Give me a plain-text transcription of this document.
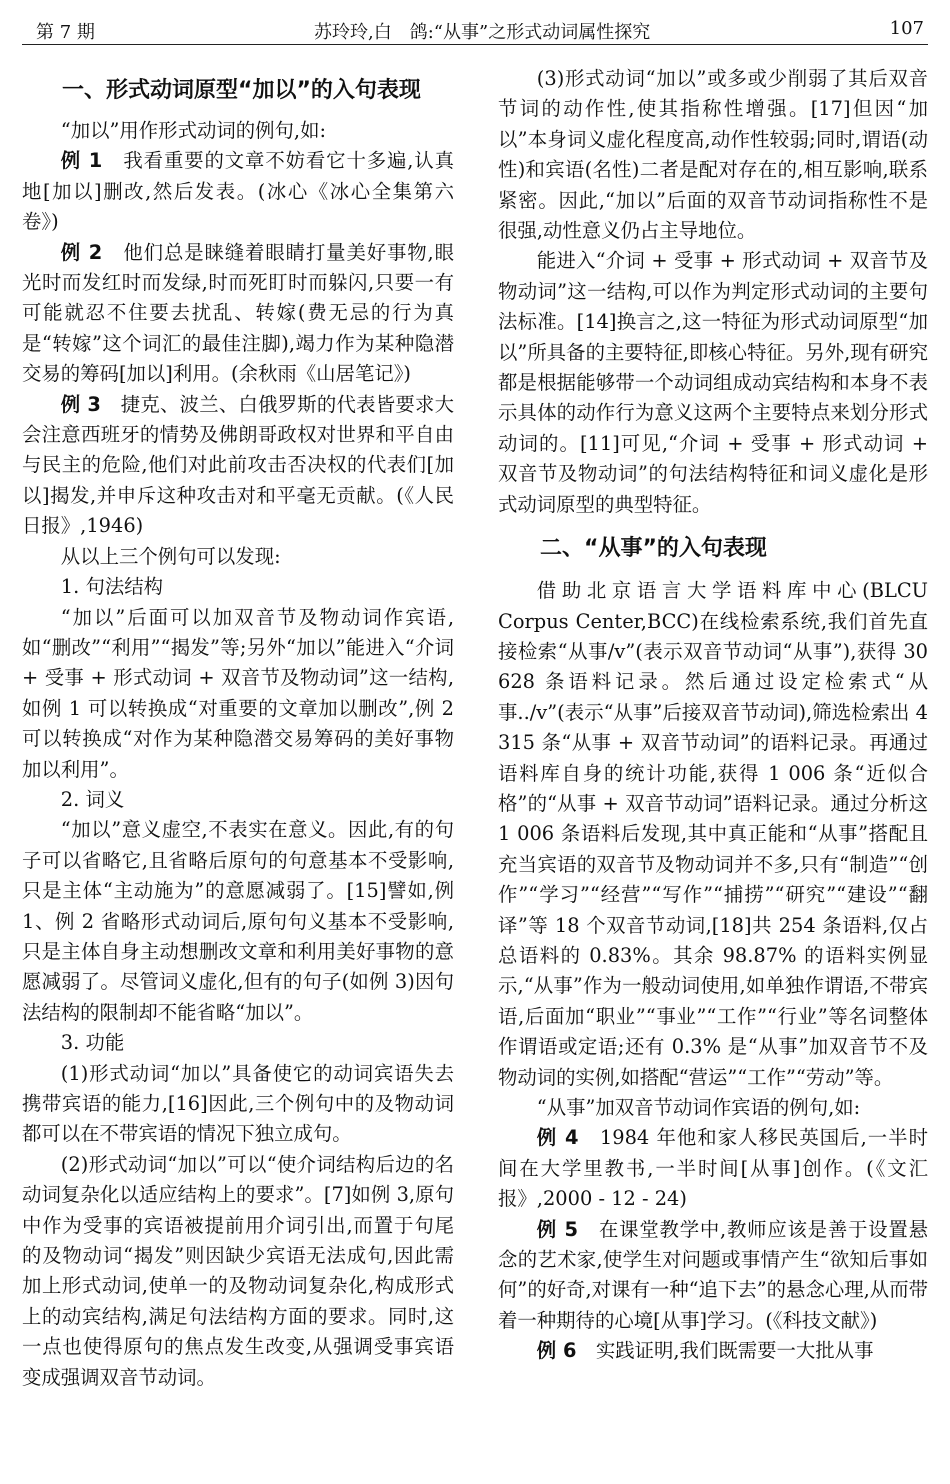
第 7 期	苏玲玲,白　鸽:“从事”之形式动词属性探究	107

一、形式动词原型“加以”的入句表现

“加以”用作形式动词的例句,如:

例 1　我看重要的文章不妨看它十多遍,认真地[加以]删改,然后发表。(冰心《冰心全集第六卷》)

例 2　他们总是睐缝着眼睛打量美好事物,眼光时而发红时而发绿,时而死盯时而躲闪,只要一有可能就忍不住要去扰乱、转嫁(费无忌的行为真是“转嫁”这个词汇的最佳注脚),竭力作为某种隐潜交易的筹码[加以]利用。(余秋雨《山居笔记》)

例 3　捷克、波兰、白俄罗斯的代表皆要求大会注意西班牙的情势及佛朗哥政权对世界和平自由与民主的危险,他们对此前攻击否决权的代表们[加以]揭发,并申斥这种攻击对和平毫无贡献。(《人民日报》,1946)

从以上三个例句可以发现:

1. 句法结构

“加以”后面可以加双音节及物动词作宾语,如“删改”“利用”“揭发”等;另外“加以”能进入“介词 + 受事 + 形式动词 + 双音节及物动词”这一结构,如例 1 可以转换成“对重要的文章加以删改”,例 2 可以转换成“对作为某种隐潜交易筹码的美好事物加以利用”。

2. 词义

“加以”意义虚空,不表实在意义。因此,有的句子可以省略它,且省略后原句的句意基本不受影响,只是主体“主动施为”的意愿减弱了。[15]譬如,例 1、例 2 省略形式动词后,原句句义基本不受影响,只是主体自身主动想删改文章和利用美好事物的意愿减弱了。尽管词义虚化,但有的句子(如例 3)因句法结构的限制却不能省略“加以”。

3. 功能

(1)形式动词“加以”具备使它的动词宾语失去携带宾语的能力,[16]因此,三个例句中的及物动词都可以在不带宾语的情况下独立成句。

(2)形式动词“加以”可以“使介词结构后边的名动词复杂化以适应结构上的要求”。[7]如例 3,原句中作为受事的宾语被提前用介词引出,而置于句尾的及物动词“揭发”则因缺少宾语无法成句,因此需加上形式动词,使单一的及物动词复杂化,构成形式上的动宾结构,满足句法结构方面的要求。同时,这一点也使得原句的焦点发生改变,从强调受事宾语变成强调双音节动词。

(3)形式动词“加以”或多或少削弱了其后双音节词的动作性,使其指称性增强。[17]但因“加以”本身词义虚化程度高,动作性较弱;同时,谓语(动性)和宾语(名性)二者是配对存在的,相互影响,联系紧密。因此,“加以”后面的双音节动词指称性不是很强,动性意义仍占主导地位。

能进入“介词 + 受事 + 形式动词 + 双音节及物动词”这一结构,可以作为判定形式动词的主要句法标准。[14]换言之,这一特征为形式动词原型“加以”所具备的主要特征,即核心特征。另外,现有研究都是根据能够带一个动词组成动宾结构和本身不表示具体的动作行为意义这两个主要特点来划分形式动词的。[11]可见,“介词 + 受事 + 形式动词 + 双音节及物动词”的句法结构特征和词义虚化是形式动词原型的典型特征。

二、“从事”的入句表现

借助北京语言大学语料库中心(BLCU Corpus Center,BCC)在线检索系统,我们首先直接检索“从事/v”(表示双音节动词“从事”),获得 30 628 条语料记录。然后通过设定检索式“从事../v”(表示“从事”后接双音节动词),筛选检索出 4 315 条“从事 + 双音节动词”的语料记录。再通过语料库自身的统计功能,获得 1 006 条“近似合格”的“从事 + 双音节动词”语料记录。通过分析这 1 006 条语料后发现,其中真正能和“从事”搭配且充当宾语的双音节及物动词并不多,只有“制造”“创作”“学习”“经营”“写作”“捕捞”“研究”“建设”“翻译”等 18 个双音节动词,[18]共 254 条语料,仅占总语料的 0.83%。其余 98.87% 的语料实例显示,“从事”作为一般动词使用,如单独作谓语,不带宾语,后面加“职业”“事业”“工作”“行业”等名词整体作谓语或定语;还有 0.3% 是“从事”加双音节不及物动词的实例,如搭配“营运”“工作”“劳动”等。

“从事”加双音节动词作宾语的例句,如:

例 4　1984 年他和家人移民英国后,一半时间在大学里教书,一半时间[从事]创作。(《文汇报》,2000 - 12 - 24)

例 5　在课堂教学中,教师应该是善于设置悬念的艺术家,使学生对问题或事情产生“欲知后事如何”的好奇,对课有一种“追下去”的悬念心理,从而带着一种期待的心境[从事]学习。(《科技文献》)

例 6　实践证明,我们既需要一大批从事
